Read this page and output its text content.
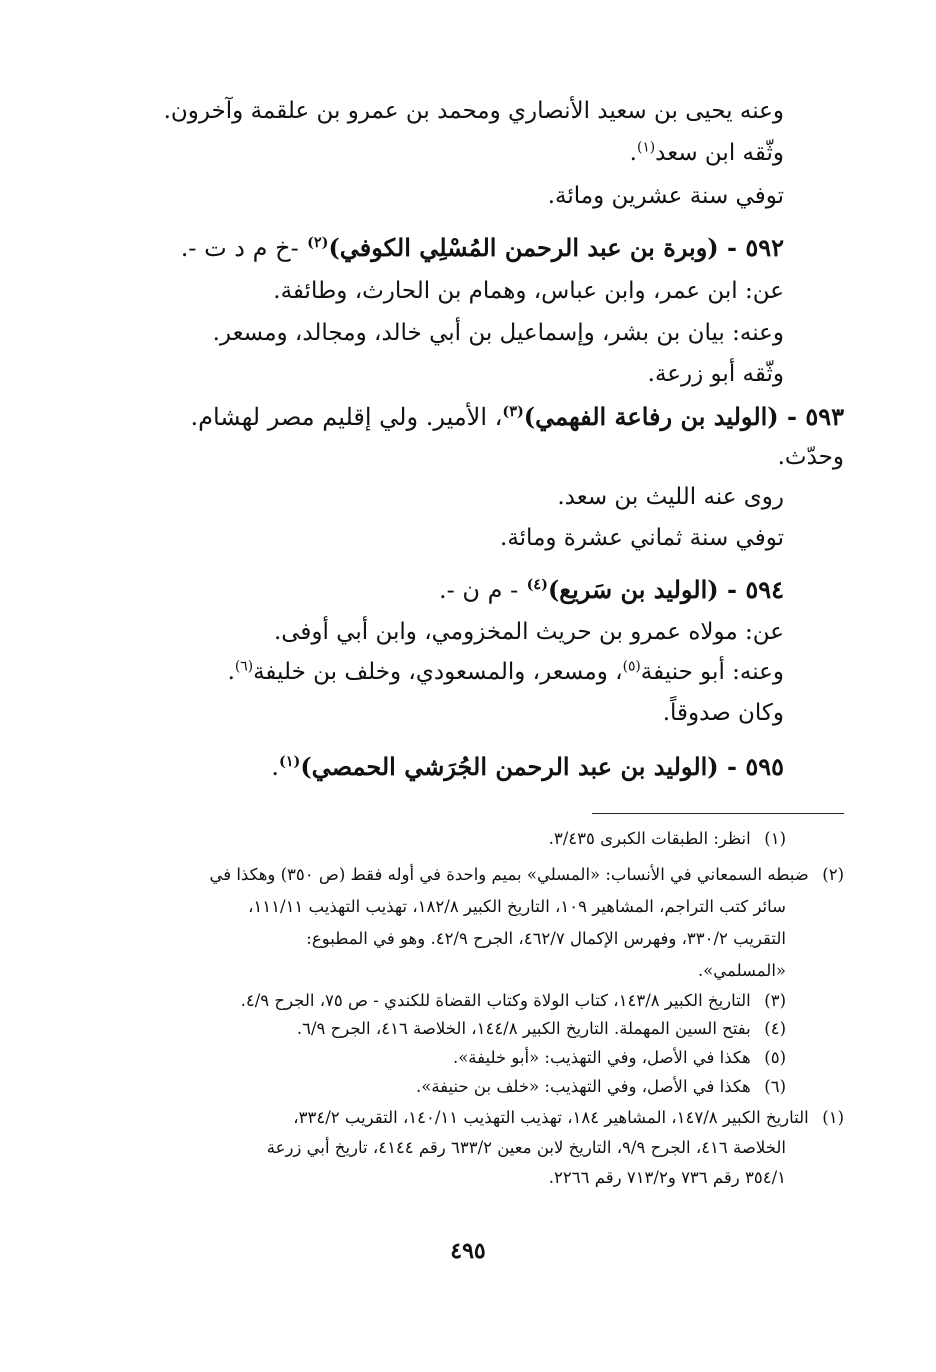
وعنه يحيى بن سعيد الأنصاري ومحمد بن عمرو بن علقمة وآخرون.

وثّقه ابن سعد$^{(١)}$.

توفي سنة عشرين ومائة.

٥٩٢ - (وبرة بن عبد الرحمن المُسْلِي الكوفي)$^{(٢)}$ -خ م د ت -.

عن: ابن عمر، وابن عباس، وهمام بن الحارث، وطائفة.

وعنه: بيان بن بشر، وإسماعيل بن أبي خالد، ومجالد، ومسعر.

وثّقه أبو زرعة.

٥٩٣ - (الوليد بن رفاعة الفهمي)$^{(٣)}$، الأمير. ولي إقليم مصر لهشام.

وحدّث.

روى عنه الليث بن سعد.

توفي سنة ثماني عشرة ومائة.

٥٩٤ - (الوليد بن سَريع)$^{(٤)}$ - م ن -.

عن: مولاه عمرو بن حريث المخزومي، وابن أبي أوفى.

وعنه: أبو حنيفة$^{(٥)}$، ومسعر، والمسعودي، وخلف بن خليفة$^{(٦)}$.

وكان صدوقاً.

٥٩٥ - (الوليد بن عبد الرحمن الجُرَشي الحمصي)$^{(١)}$.

(١) انظر: الطبقات الكبرى ٣/٤٣٥.

(٢) ضبطه السمعاني في الأنساب: «المسلي» بميم واحدة في أوله فقط (ص ٣٥٠) وهكذا في

سائر كتب التراجم، المشاهير ١٠٩، التاريخ الكبير ١٨٢/٨، تهذيب التهذيب ١١١/١١،

التقريب ٣٣٠/٢، وفهرس الإكمال ٤٦٢/٧، الجرح ٤٢/٩. وهو في المطبوع:

«المسلمي».

(٣) التاريخ الكبير ١٤٣/٨، كتاب الولاة وكتاب القضاة للكندي - ص ٧٥، الجرح ٤/٩.

(٤) بفتح السين المهملة. التاريخ الكبير ١٤٤/٨، الخلاصة ٤١٦، الجرح ٦/٩.

(٥) هكذا في الأصل، وفي التهذيب: «أبو خليفة».

(٦) هكذا في الأصل، وفي التهذيب: «خلف بن حنيفة».

(١) التاريخ الكبير ١٤٧/٨، المشاهير ١٨٤، تهذيب التهذيب ١٤٠/١١، التقريب ٣٣٤/٢،

الخلاصة ٤١٦، الجرح ٩/٩، التاريخ لابن معين ٦٣٣/٢ رقم ٤١٤٤، تاريخ أبي زرعة

٣٥٤/١ رقم ٧٣٦ و٧١٣/٢ رقم ٢٢٦٦.

٤٩٥
